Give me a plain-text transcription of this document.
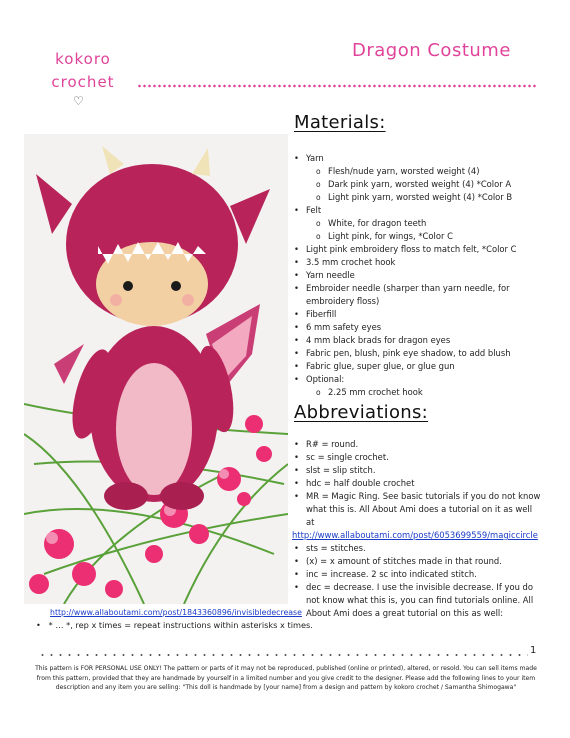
kokoro
crochet
♡
Dragon Costume
Materials:
• Yarn
o Flesh/nude yarn, worsted weight (4)
o Dark pink yarn, worsted weight (4) *Color A
o Light pink yarn, worsted weight (4) *Color B
• Felt
o White, for dragon teeth
o Light pink, for wings, *Color C
• Light pink embroidery floss to match felt, *Color C
• 3.5 mm crochet hook
• Yarn needle
• Embroider needle (sharper than yarn needle, for embroidery floss)
• Fiberfill
• 6 mm safety eyes
• 4 mm black brads for dragon eyes
• Fabric pen, blush, pink eye shadow, to add blush
• Fabric glue, super glue, or glue gun
• Optional:
o 2.25 mm crochet hook
Abbreviations:
• R# = round.
• sc = single crochet.
• slst = slip stitch.
• hdc = half double crochet
• MR = Magic Ring. See basic tutorials if you do not know what this is. All About Ami does a tutorial on it as well at
http://www.allaboutami.com/post/6053699559/magiccircle
• sts = stitches.
• (x) = x amount of stitches made in that round.
• inc = increase. 2 sc into indicated stitch.
• dec = decrease. I use the invisible decrease. If you do not know what this is, you can find tutorials online. All About Ami does a great tutorial on this as well:
http://www.allaboutami.com/post/1843360896/invisibledecrease
•   * … *, rep x times = repeat instructions within asterisks x times.
1
This pattern is FOR PERSONAL USE ONLY! The pattern or parts of it may not be reproduced, published (online or printed), altered, or resold. You can sell items made from this pattern, provided that they are handmade by yourself in a limited number and you give credit to the designer. Please add the following lines to your item description and any item you are selling: "This doll is handmade by [your name] from a design and pattern by kokoro crochet / Samantha Shimogawa"
